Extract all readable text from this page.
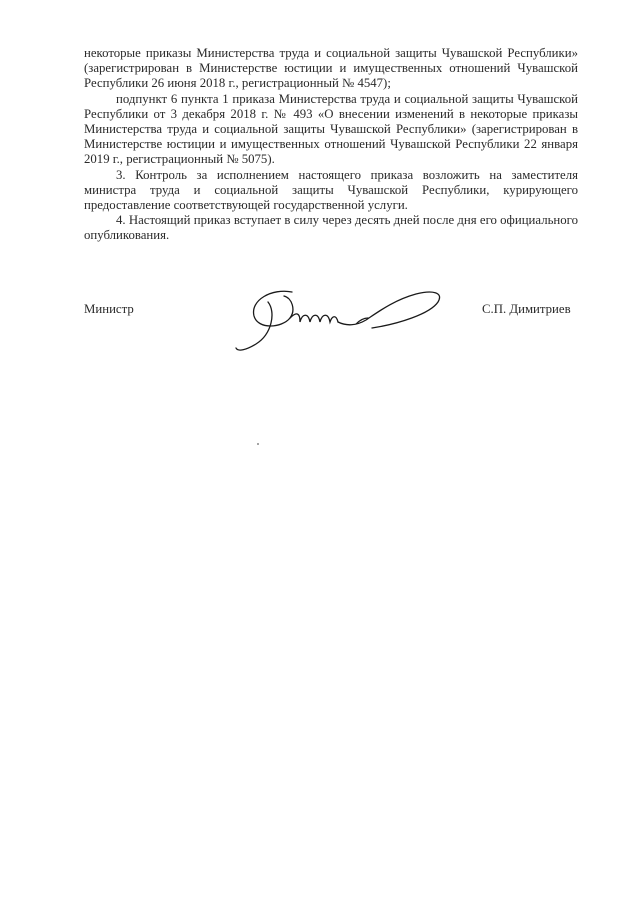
некоторые приказы Министерства труда и социальной защиты Чувашской Республики» (зарегистрирован в Министерстве юстиции и имущественных отношений Чувашской Республики 26 июня 2018 г., регистрационный № 4547);

подпункт 6 пункта 1 приказа Министерства труда и социальной защиты Чувашской Республики от 3 декабря 2018 г. № 493 «О внесении изменений в некоторые приказы Министерства труда и социальной защиты Чувашской Республики» (зарегистрирован в Министерстве юстиции и имущественных отношений Чувашской Республики 22 января 2019 г., регистрационный № 5075).

3. Контроль за исполнением настоящего приказа возложить на заместителя министра труда и социальной защиты Чувашской Республики, курирующего предоставление соответствующей государственной услуги.

4. Настоящий приказ вступает в силу через десять дней после дня его официального опубликования.

Министр	С.П. Димитриев
